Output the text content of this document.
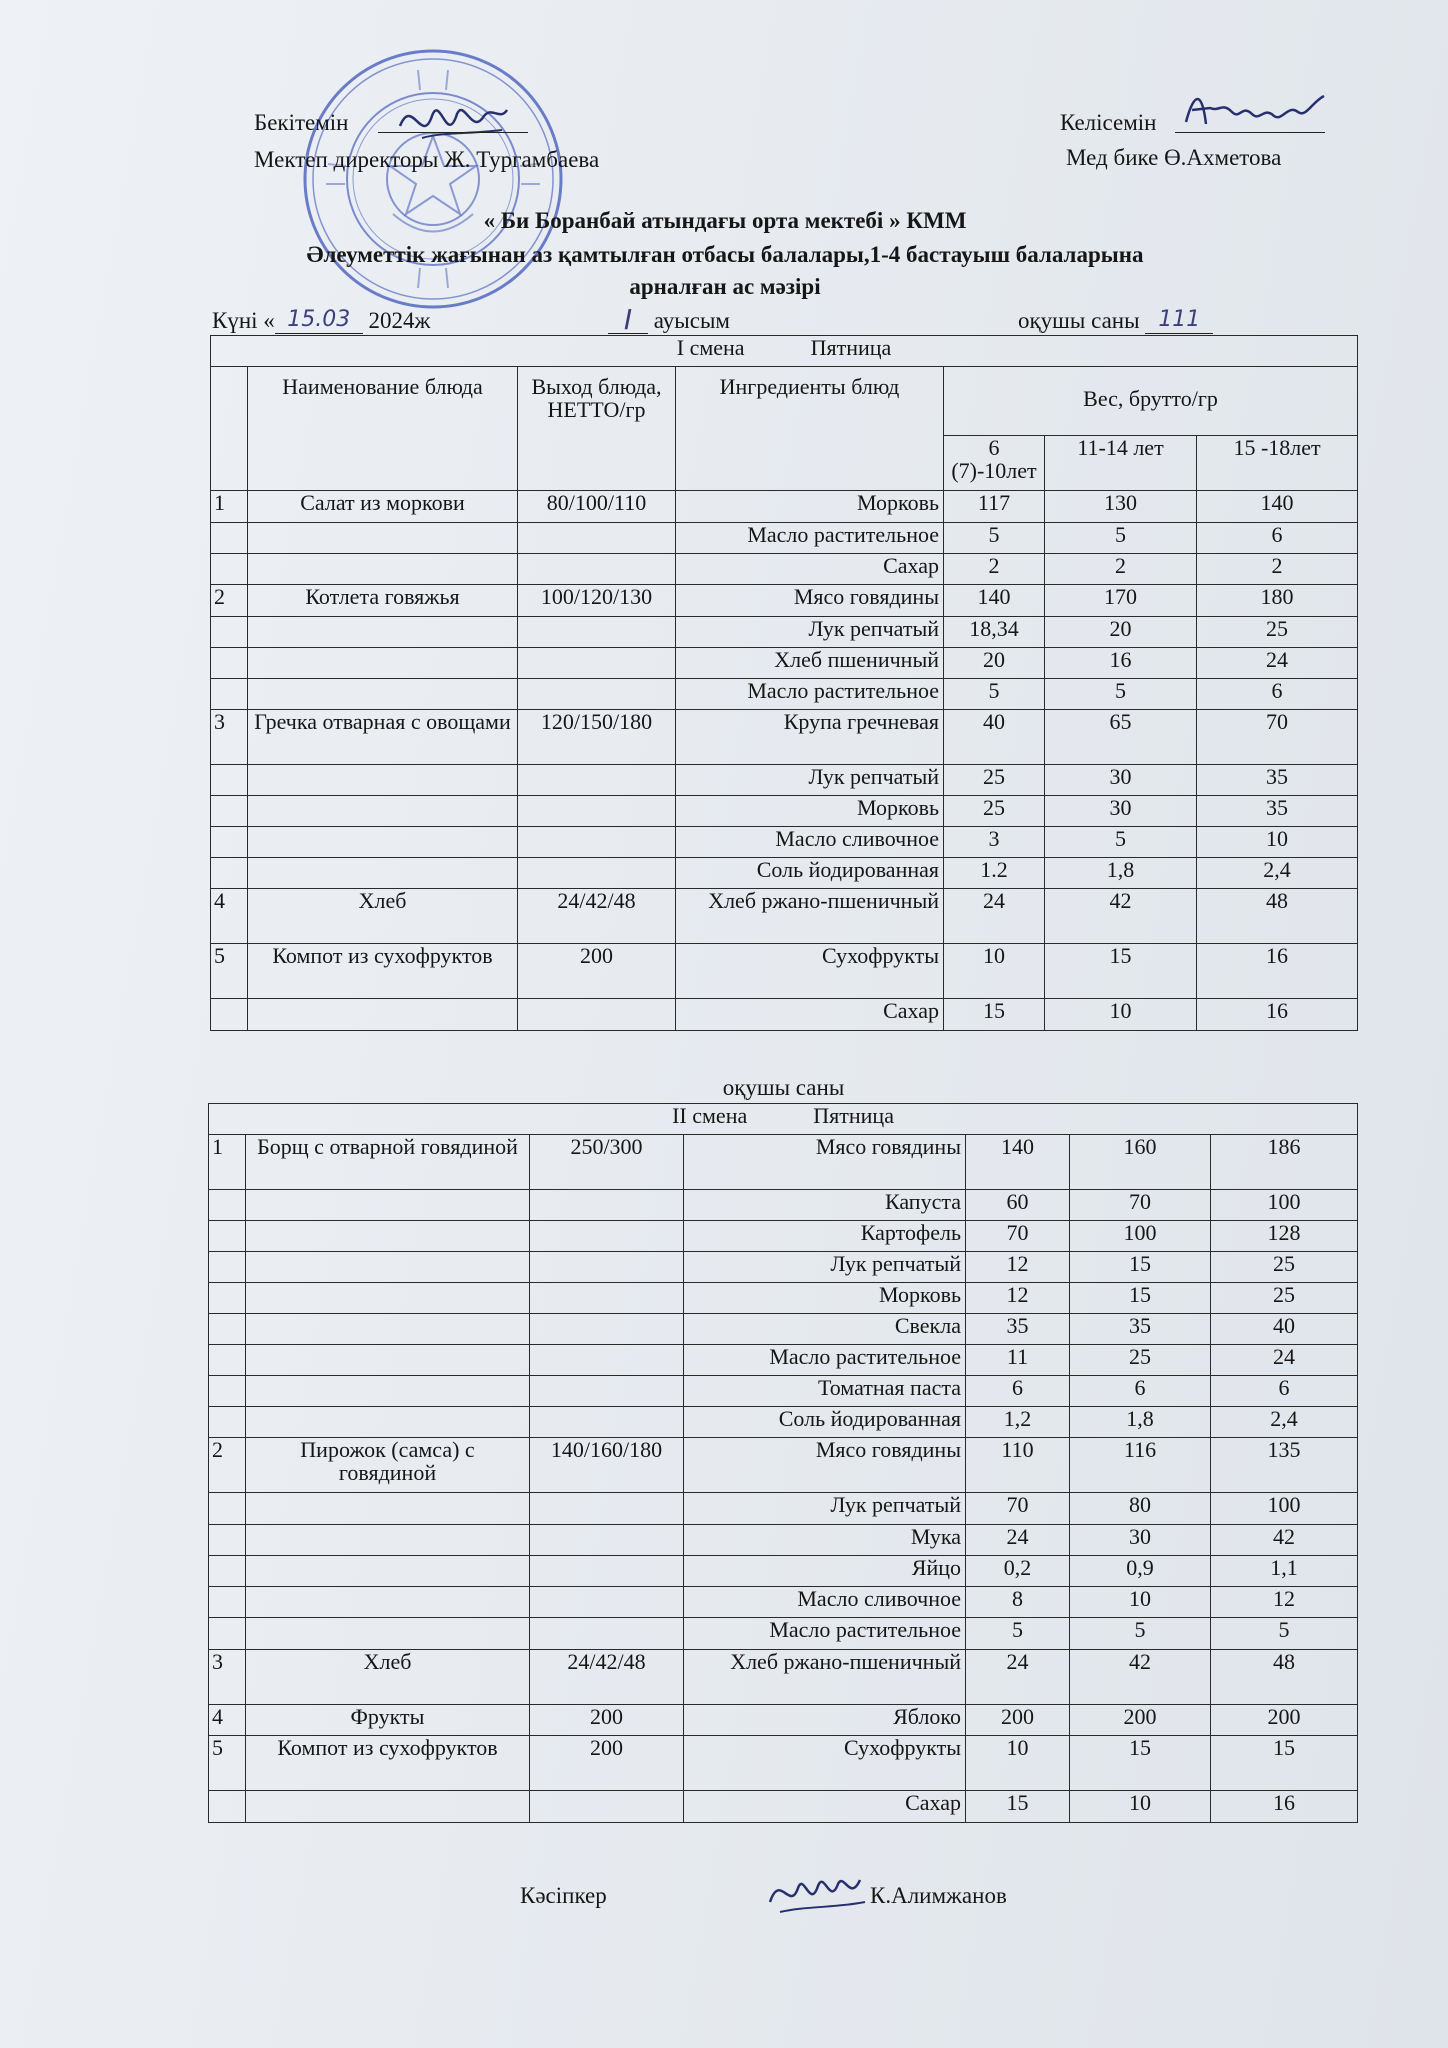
Бекітемін
Мектеп директоры Ж. Тургамбаева
Келісемін
Мед бике Ө.Ахметова
« Би Боранбай атындағы орта мектебі » КММ
Әлеуметтік жағынан аз қамтылған отбасы балалары,1-4 бастауыш балаларына
арналған ас мәзірі
Күні « 15.03 2024ж	I ауысым	оқушы саны 111
I смена Пятница						
	Наименование блюда	Выход блюда, НЕТТО/гр	Ингредиенты блюд	Вес, брутто/гр		
				6 (7)-10лет	11-14 лет	15 -18лет
1	Салат из моркови	80/100/110	Морковь	117	130	140
			Масло растительное	5	5	6
			Сахар	2	2	2
2	Котлета говяжья	100/120/130	Мясо говядины	140	170	180
			Лук репчатый	18,34	20	25
			Хлеб пшеничный	20	16	24
			Масло растительное	5	5	6
3	Гречка отварная с овощами	120/150/180	Крупа гречневая	40	65	70
			Лук репчатый	25	30	35
			Морковь	25	30	35
			Масло сливочное	3	5	10
			Соль йодированная	1.2	1,8	2,4
4	Хлеб	24/42/48	Хлеб ржано-пшеничный	24	42	48
5	Компот из сухофруктов	200	Сухофрукты	10	15	16
			Сахар	15	10	16
оқушы саны
II смена Пятница						
1	Борщ с отварной говядиной	250/300	Мясо говядины	140	160	186
			Капуста	60	70	100
			Картофель	70	100	128
			Лук репчатый	12	15	25
			Морковь	12	15	25
			Свекла	35	35	40
			Масло растительное	11	25	24
			Томатная паста	6	6	6
			Соль йодированная	1,2	1,8	2,4
2	Пирожок (самса) с говядиной	140/160/180	Мясо говядины	110	116	135
			Лук репчатый	70	80	100
			Мука	24	30	42
			Яйцо	0,2	0,9	1,1
			Масло сливочное	8	10	12
			Масло растительное	5	5	5
3	Хлеб	24/42/48	Хлеб ржано-пшеничный	24	42	48
4	Фрукты	200	Яблоко	200	200	200
5	Компот из сухофруктов	200	Сухофрукты	10	15	15
			Сахар	15	10	16
Кәсіпкер	К.Алимжанов
